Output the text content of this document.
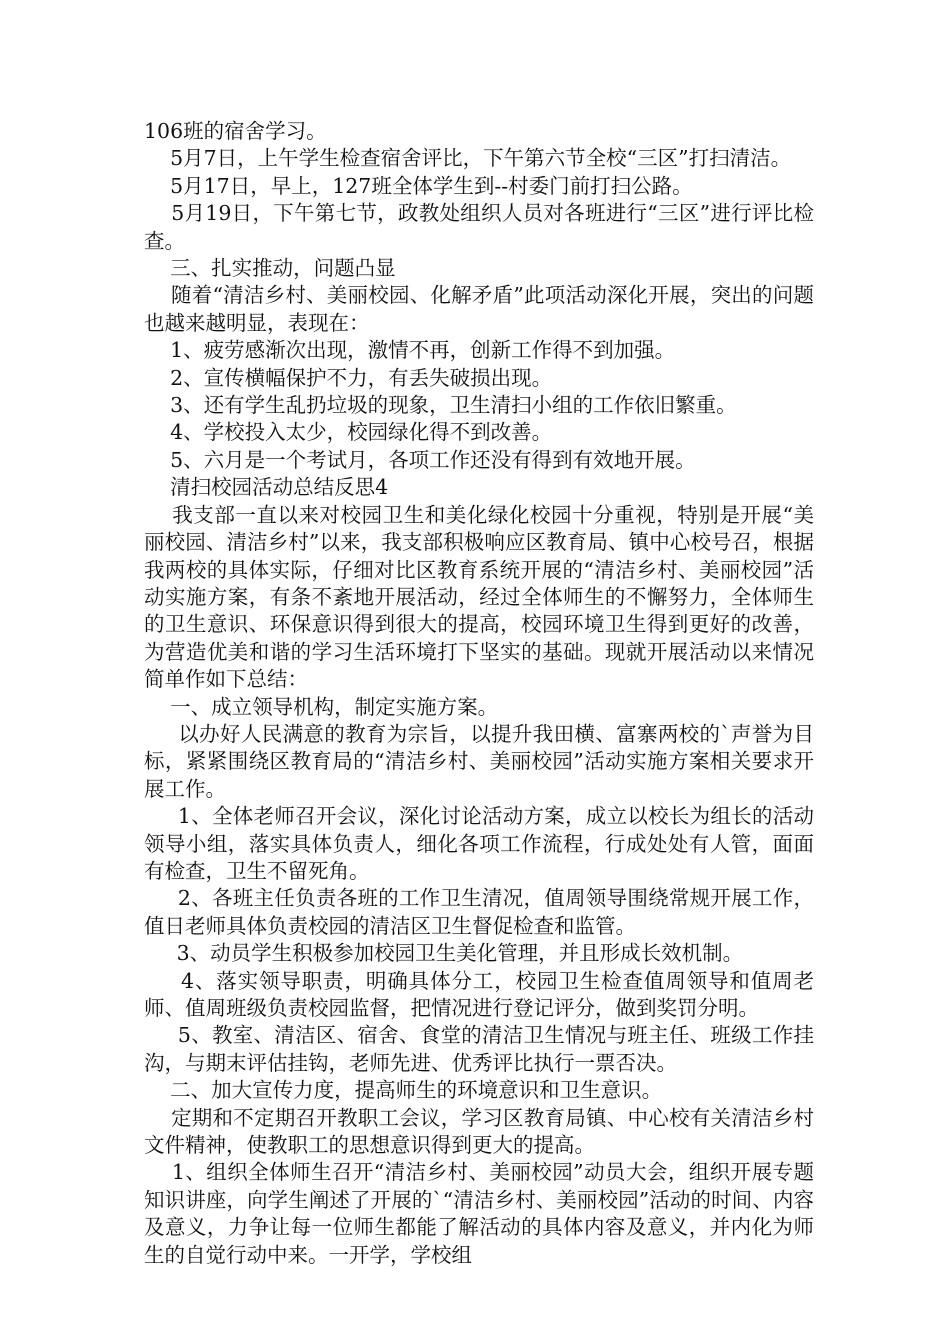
106班的宿舍学习。

5月7日，上午学生检查宿舍评比，下午第六节全校“三区”打扫清洁。

5月17日，早上，127班全体学生到--村委门前打扫公路。

5月19日，下午第七节，政教处组织人员对各班进行“三区”进行评比检查。

三、扎实推动，问题凸显

随着“清洁乡村、美丽校园、化解矛盾”此项活动深化开展，突出的问题也越来越明显，表现在：

1、疲劳感渐次出现，激情不再，创新工作得不到加强。

2、宣传横幅保护不力，有丢失破损出现。

3、还有学生乱扔垃圾的现象，卫生清扫小组的工作依旧繁重。

4、学校投入太少，校园绿化得不到改善。

5、六月是一个考试月，各项工作还没有得到有效地开展。

清扫校园活动总结反思4

我支部一直以来对校园卫生和美化绿化校园十分重视，特别是开展“美丽校园、清洁乡村”以来，我支部积极响应区教育局、镇中心校号召，根据我两校的具体实际，仔细对比区教育系统开展的“清洁乡村、美丽校园”活动实施方案，有条不紊地开展活动，经过全体师生的不懈努力，全体师生的卫生意识、环保意识得到很大的提高，校园环境卫生得到更好的改善，为营造优美和谐的学习生活环境打下坚实的基础。现就开展活动以来情况简单作如下总结：

一、成立领导机构，制定实施方案。

以办好人民满意的教育为宗旨，以提升我田横、富寨两校的`声誉为目标，紧紧围绕区教育局的“清洁乡村、美丽校园”活动实施方案相关要求开展工作。

1、全体老师召开会议，深化讨论活动方案，成立以校长为组长的活动领导小组，落实具体负责人，细化各项工作流程，行成处处有人管，面面有检查，卫生不留死角。

2、各班主任负责各班的工作卫生清况，值周领导围绕常规开展工作，值日老师具体负责校园的清洁区卫生督促检查和监管。

3、动员学生积极参加校园卫生美化管理，并且形成长效机制。

4、落实领导职责，明确具体分工，校园卫生检查值周领导和值周老师、值周班级负责校园监督，把情况进行登记评分，做到奖罚分明。

5、教室、清洁区、宿舍、食堂的清洁卫生情况与班主任、班级工作挂沟，与期末评估挂钩，老师先进、优秀评比执行一票否决。

二、加大宣传力度，提高师生的环境意识和卫生意识。

定期和不定期召开教职工会议，学习区教育局镇、中心校有关清洁乡村文件精神，使教职工的思想意识得到更大的提高。

1、组织全体师生召开“清洁乡村、美丽校园”动员大会，组织开展专题知识讲座，向学生阐述了开展的`“清洁乡村、美丽校园”活动的时间、内容及意义，力争让每一位师生都能了解活动的具体内容及意义，并内化为师生的自觉行动中来。一开学，学校组
